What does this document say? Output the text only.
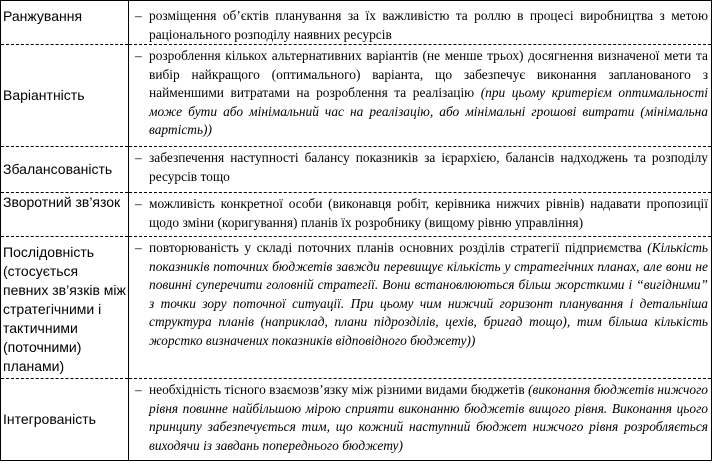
Ранжування	– розміщення об’єктів планування за їх важливістю та роллю в процесі виробництва з метою раціонального розподілу наявних ресурсів

Варіантність	– розроблення кількох альтернативних варіантів (не менше трьох) досягнення визначеної мети та вибір найкращого (оптимального) варіанта, що забезпечує виконання запланованого з найменшими витратами на розроблення та реалізацію (при цьому критерієм оптимальності може бути або мінімальний час на реалізацію, або мінімальні грошові витрати (мінімальна вартість))

Збалансованість	– забезпечення наступності балансу показників за ієрархією, балансів надходжень та розподілу ресурсів тощо

Зворотний зв’язок	– можливість конкретної особи (виконавця робіт, керівника нижчих рівнів) надавати пропозиції щодо зміни (коригування) планів їх розробнику (вищому рівню управління)

Послідовність (стосується певних зв’язків між стратегічними і тактичними (поточними) планами)	– повторюваність у складі поточних планів основних розділів стратегії підприємства (Кількість показників поточних бюджетів завжди перевищує кількість у стратегічних планах, але вони не повинні суперечити головній стратегії. Вони встановлюються більш жорсткими і “вигідними” з точки зору поточної ситуації. При цьому чим нижчий горизонт планування і детальніша структура планів (наприклад, плани підрозділів, цехів, бригад тощо), тим більша кількість жорстко визначених показників відповідного бюджету))

Інтегрованість	– необхідність тісного взаємозв’язку між різними видами бюджетів (виконання бюджетів нижчого рівня повинне найбільшою мірою сприяти виконанню бюджетів вищого рівня. Виконання цього принципу забезпечується тим, що кожний наступний бюджет нижчого рівня розробляється виходячи із завдань попереднього бюджету)
